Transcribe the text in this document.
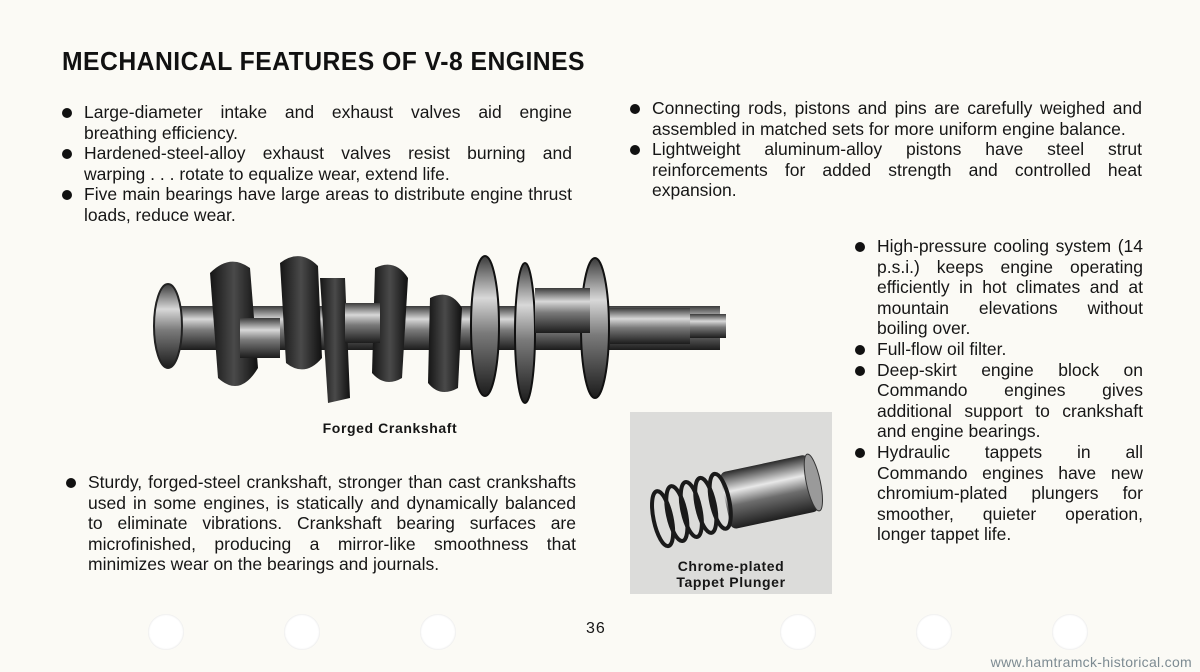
MECHANICAL FEATURES OF V-8 ENGINES
Large-diameter intake and exhaust valves aid engine breathing efficiency.
Hardened-steel-alloy exhaust valves resist burning and warping . . . rotate to equalize wear, extend life.
Five main bearings have large areas to distribute engine thrust loads, reduce wear.
Connecting rods, pistons and pins are carefully weighed and assembled in matched sets for more uniform engine balance.
Lightweight aluminum-alloy pistons have steel strut reinforcements for added strength and controlled heat expansion.
Forged Crankshaft
Sturdy, forged-steel crankshaft, stronger than cast crankshafts used in some engines, is statically and dynamically balanced to eliminate vibrations. Crankshaft bearing surfaces are microfinished, producing a mirror-like smoothness that minimizes wear on the bearings and journals.	Chrome-plated
Tappet Plunger
High-pressure cooling system (14 p.s.i.) keeps engine operating efficiently in hot climates and at mountain elevations without boiling over.
Full-flow oil filter.
Deep-skirt engine block on Commando engines gives additional support to crankshaft and engine bearings.
Hydraulic tappets in all Commando engines have new chromium-plated plungers for smoother, quieter operation, longer tappet life.
36
www.hamtramck-historical.com
